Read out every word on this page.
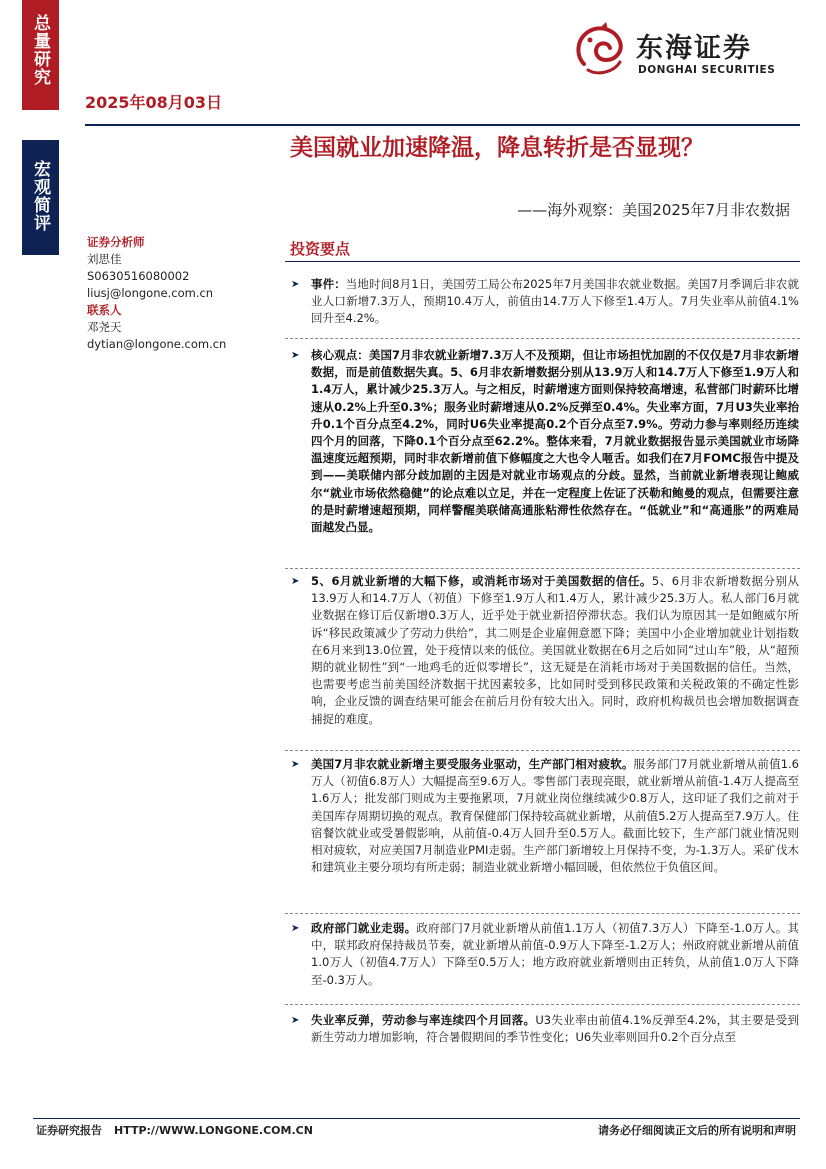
总量研究
宏观简评
2025年08月03日
东海证券
DONGHAI SECURITIES
美国就业加速降温，降息转折是否显现？
——海外观察：美国2025年7月非农数据
证券分析师
刘思佳
S0630516080002
liusj@longone.com.cn
联系人
邓尧天
dytian@longone.com.cn
投资要点
➤	事件：当地时间8月1日，美国劳工局公布2025年7月美国非农就业数据。美国7月季调后非农就业人口新增7.3万人，预期10.4万人，前值由14.7万人下修至1.4万人。7月失业率从前值4.1%回升至4.2%。
➤	核心观点：美国7月非农就业新增7.3万人不及预期，但让市场担忧加剧的不仅仅是7月非农新增数据，而是前值数据失真。5、6月非农新增数据分别从13.9万人和14.7万人下修至1.9万人和1.4万人，累计减少25.3万人。与之相反，时薪增速方面则保持较高增速，私营部门时薪环比增速从0.2%上升至0.3%；服务业时薪增速从0.2%反弹至0.4%。失业率方面，7月U3失业率抬升0.1个百分点至4.2%，同时U6失业率提高0.2个百分点至7.9%。劳动力参与率则经历连续四个月的回落，下降0.1个百分点至62.2%。整体来看，7月就业数据报告显示美国就业市场降温速度远超预期，同时非农新增前值下修幅度之大也令人咂舌。如我们在7月FOMC报告中提及到——美联储内部分歧加剧的主因是对就业市场观点的分歧。显然，当前就业新增表现让鲍威尔“就业市场依然稳健”的论点难以立足，并在一定程度上佐证了沃勒和鲍曼的观点，但需要注意的是时薪增速超预期，同样警醒美联储高通胀粘滞性依然存在。“低就业”和“高通胀”的两难局面越发凸显。
➤	5、6月就业新增的大幅下修，或消耗市场对于美国数据的信任。5、6月非农新增数据分别从13.9万人和14.7万人（初值）下修至1.9万人和1.4万人，累计减少25.3万人。私人部门6月就业数据在修订后仅新增0.3万人，近乎处于就业新招停滞状态。我们认为原因其一是如鲍威尔所诉“移民政策减少了劳动力供给”，其二则是企业雇佣意愿下降；美国中小企业增加就业计划指数在6月来到13.0位置，处于疫情以来的低位。美国就业数据在6月之后如同“过山车”般，从“超预期的就业韧性”到“一地鸡毛的近似零增长”，这无疑是在消耗市场对于美国数据的信任。当然，也需要考虑当前美国经济数据干扰因素较多，比如同时受到移民政策和关税政策的不确定性影响，企业反馈的调查结果可能会在前后月份有较大出入。同时，政府机构裁员也会增加数据调查捕捉的难度。
➤	美国7月非农就业新增主要受服务业驱动，生产部门相对疲软。服务部门7月就业新增从前值1.6万人（初值6.8万人）大幅提高至9.6万人。零售部门表现亮眼，就业新增从前值-1.4万人提高至1.6万人；批发部门则成为主要拖累项，7月就业岗位继续减少0.8万人，这印证了我们之前对于美国库存周期切换的观点。教育保健部门保持较高就业新增，从前值5.2万人提高至7.9万人。住宿餐饮就业或受暑假影响，从前值-0.4万人回升至0.5万人。截面比较下，生产部门就业情况则相对疲软，对应美国7月制造业PMI走弱。生产部门新增较上月保持不变，为-1.3万人。采矿伐木和建筑业主要分项均有所走弱；制造业就业新增小幅回暖，但依然位于负值区间。
➤	政府部门就业走弱。政府部门7月就业新增从前值1.1万人（初值7.3万人）下降至-1.0万人。其中，联邦政府保持裁员节奏，就业新增从前值-0.9万人下降至-1.2万人；州政府就业新增从前值1.0万人（初值4.7万人）下降至0.5万人；地方政府就业新增则由正转负，从前值1.0万人下降至-0.3万人。
➤	失业率反弹，劳动参与率连续四个月回落。U3失业率由前值4.1%反弹至4.2%，其主要是受到新生劳动力增加影响，符合暑假期间的季节性变化；U6失业率则回升0.2个百分点至
证券研究报告 HTTP://WWW.LONGONE.COM.CN	请务必仔细阅读正文后的所有说明和声明
